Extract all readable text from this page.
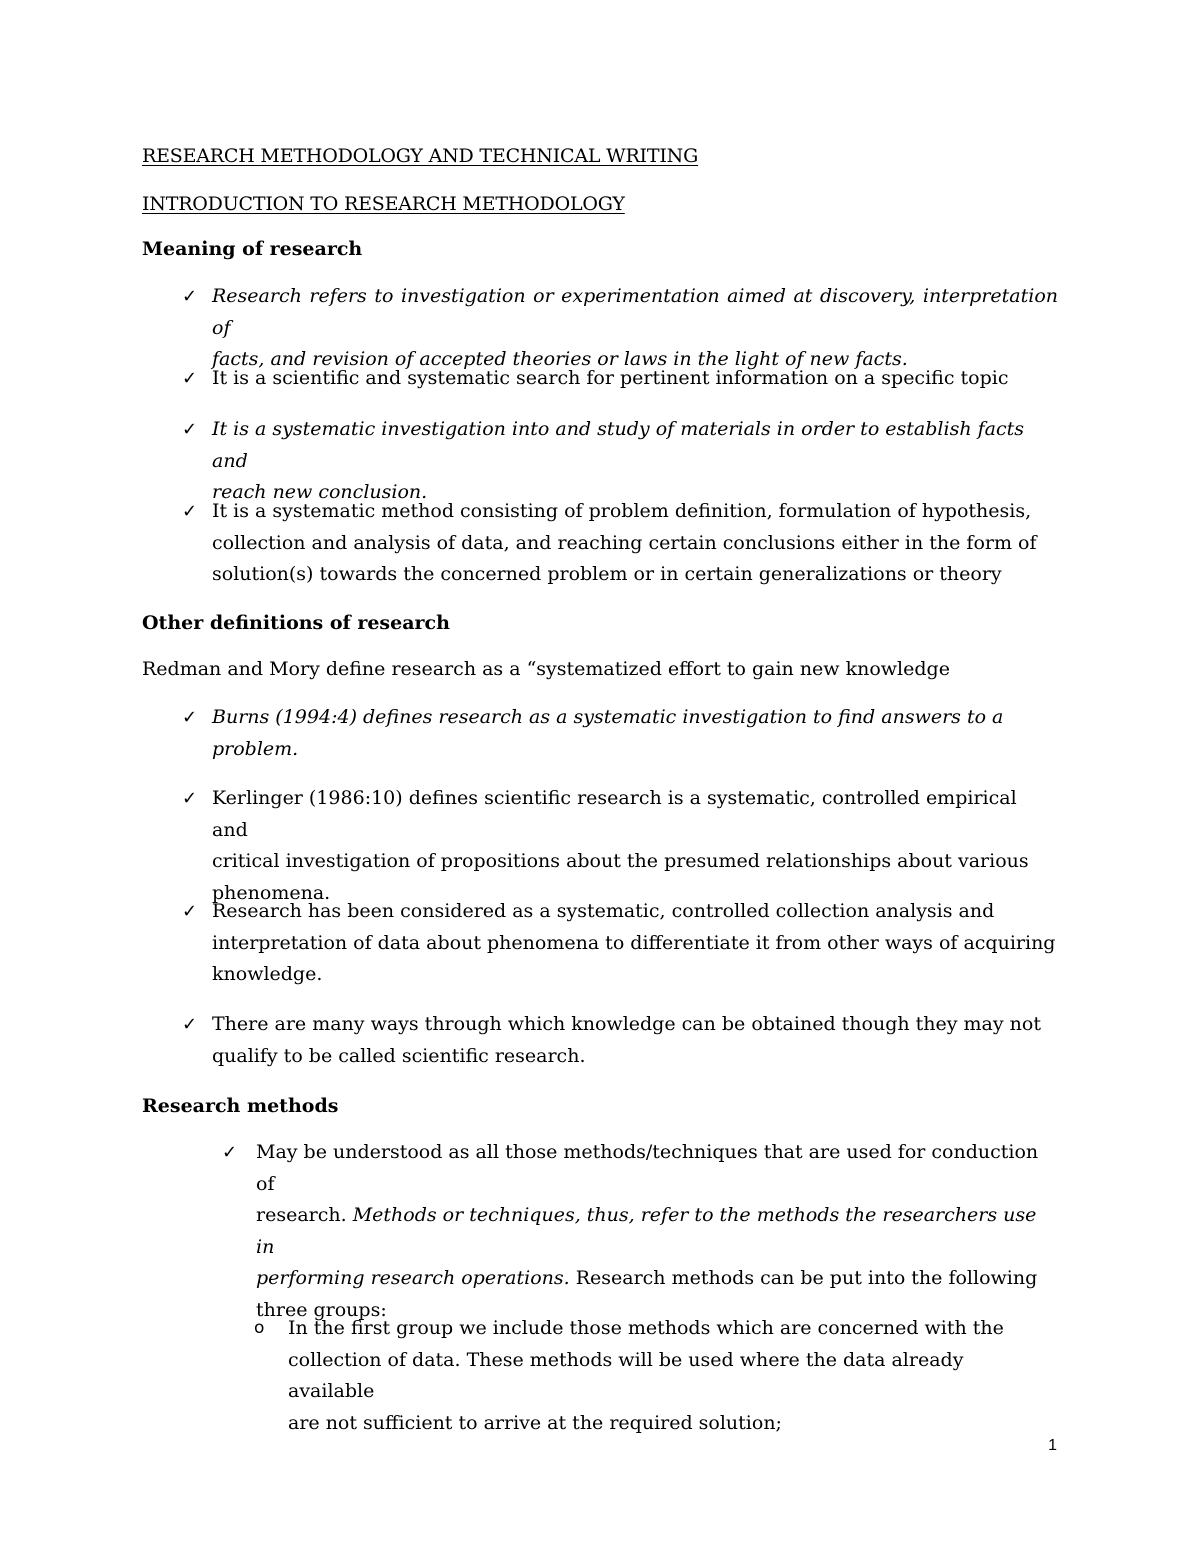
RESEARCH METHODOLOGY AND TECHNICAL WRITING
INTRODUCTION TO RESEARCH METHODOLOGY
Meaning of research
✓ Research refers to investigation or experimentation aimed at discovery, interpretation of
facts, and revision of accepted theories or laws in the light of new facts.
✓ It is a scientific and systematic search for pertinent information on a specific topic
✓ It is a systematic investigation into and study of materials in order to establish facts and
reach new conclusion.
✓ It is a systematic method consisting of problem definition, formulation of hypothesis,
collection and analysis of data, and reaching certain conclusions either in the form of
solution(s) towards the concerned problem or in certain generalizations or theory
Other definitions of research
Redman and Mory define research as a “systematized effort to gain new knowledge
✓ Burns (1994:4) defines research as a systematic investigation to find answers to a
problem.
✓ Kerlinger (1986:10) defines scientific research is a systematic, controlled empirical and
critical investigation of propositions about the presumed relationships about various
phenomena.
✓ Research has been considered as a systematic, controlled collection analysis and
interpretation of data about phenomena to differentiate it from other ways of acquiring
knowledge.
✓ There are many ways through which knowledge can be obtained though they may not
qualify to be called scientific research.
Research methods
✓ May be understood as all those methods/techniques that are used for conduction of
research. Methods or techniques, thus, refer to the methods the researchers use in
performing research operations. Research methods can be put into the following
three groups:
o In the first group we include those methods which are concerned with the
collection of data. These methods will be used where the data already available
are not sufficient to arrive at the required solution;
1
